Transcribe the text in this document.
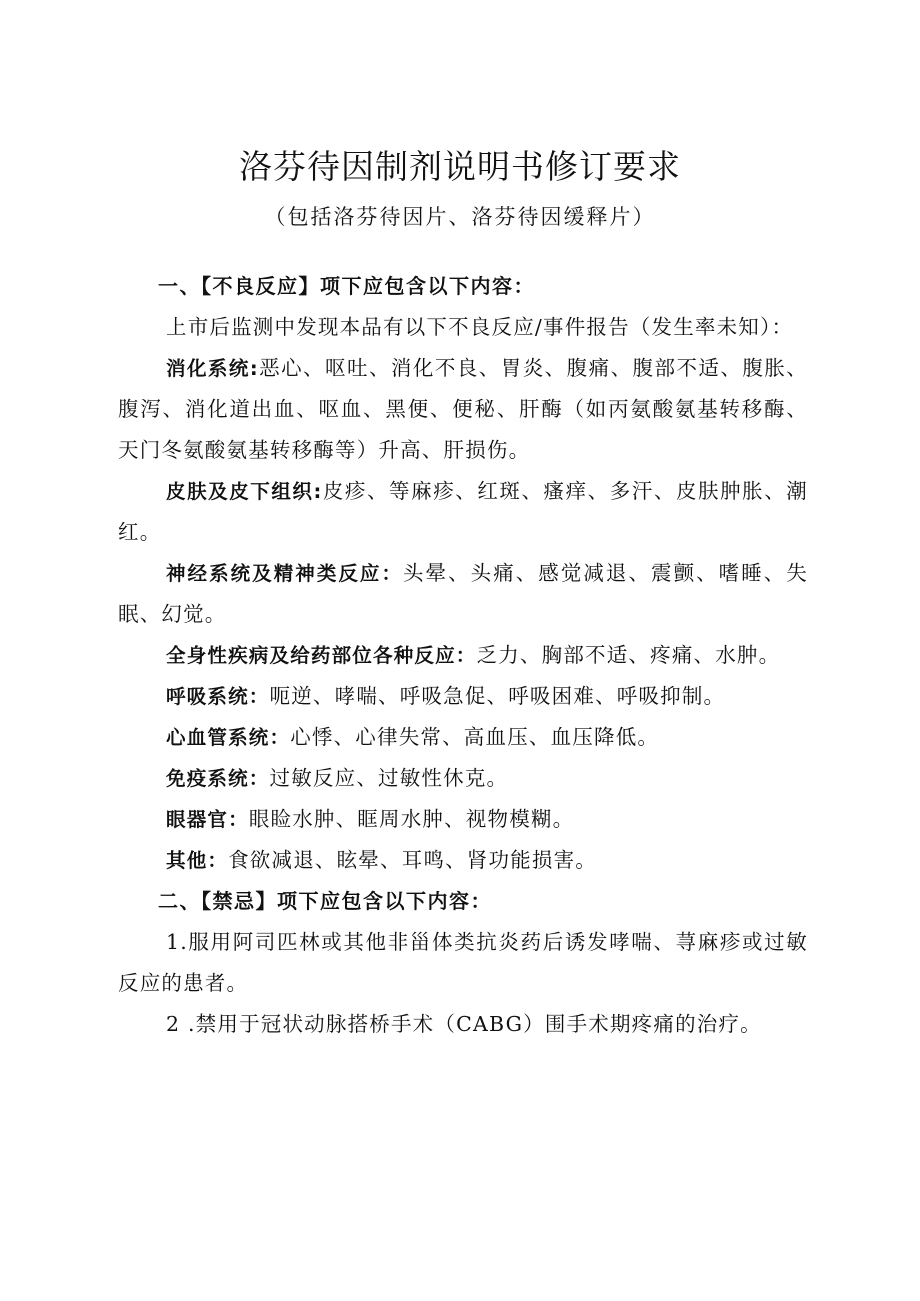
洛芬待因制剂说明书修订要求
（包括洛芬待因片、洛芬待因缓释片）

一、【不良反应】项下应包含以下内容：

上市后监测中发现本品有以下不良反应/事件报告（发生率未知）：

消化系统:恶心、呕吐、消化不良、胃炎、腹痛、腹部不适、腹胀、腹泻、消化道出血、呕血、黑便、便秘、肝酶（如丙氨酸氨基转移酶、天门冬氨酸氨基转移酶等）升高、肝损伤。

皮肤及皮下组织:皮疹、等麻疹、红斑、瘙痒、多汗、皮肤肿胀、潮红。

神经系统及精神类反应：头晕、头痛、感觉减退、震颤、嗜睡、失眠、幻觉。

全身性疾病及给药部位各种反应：乏力、胸部不适、疼痛、水肿。

呼吸系统：呃逆、哮喘、呼吸急促、呼吸困难、呼吸抑制。

心血管系统：心悸、心律失常、高血压、血压降低。

免疫系统：过敏反应、过敏性休克。

眼器官：眼睑水肿、眶周水肿、视物模糊。

其他：食欲减退、眩晕、耳鸣、肾功能损害。

二、【禁忌】项下应包含以下内容：

1.服用阿司匹林或其他非甾体类抗炎药后诱发哮喘、荨麻疹或过敏反应的患者。

2 .禁用于冠状动脉搭桥手术（CABG）围手术期疼痛的治疗。
